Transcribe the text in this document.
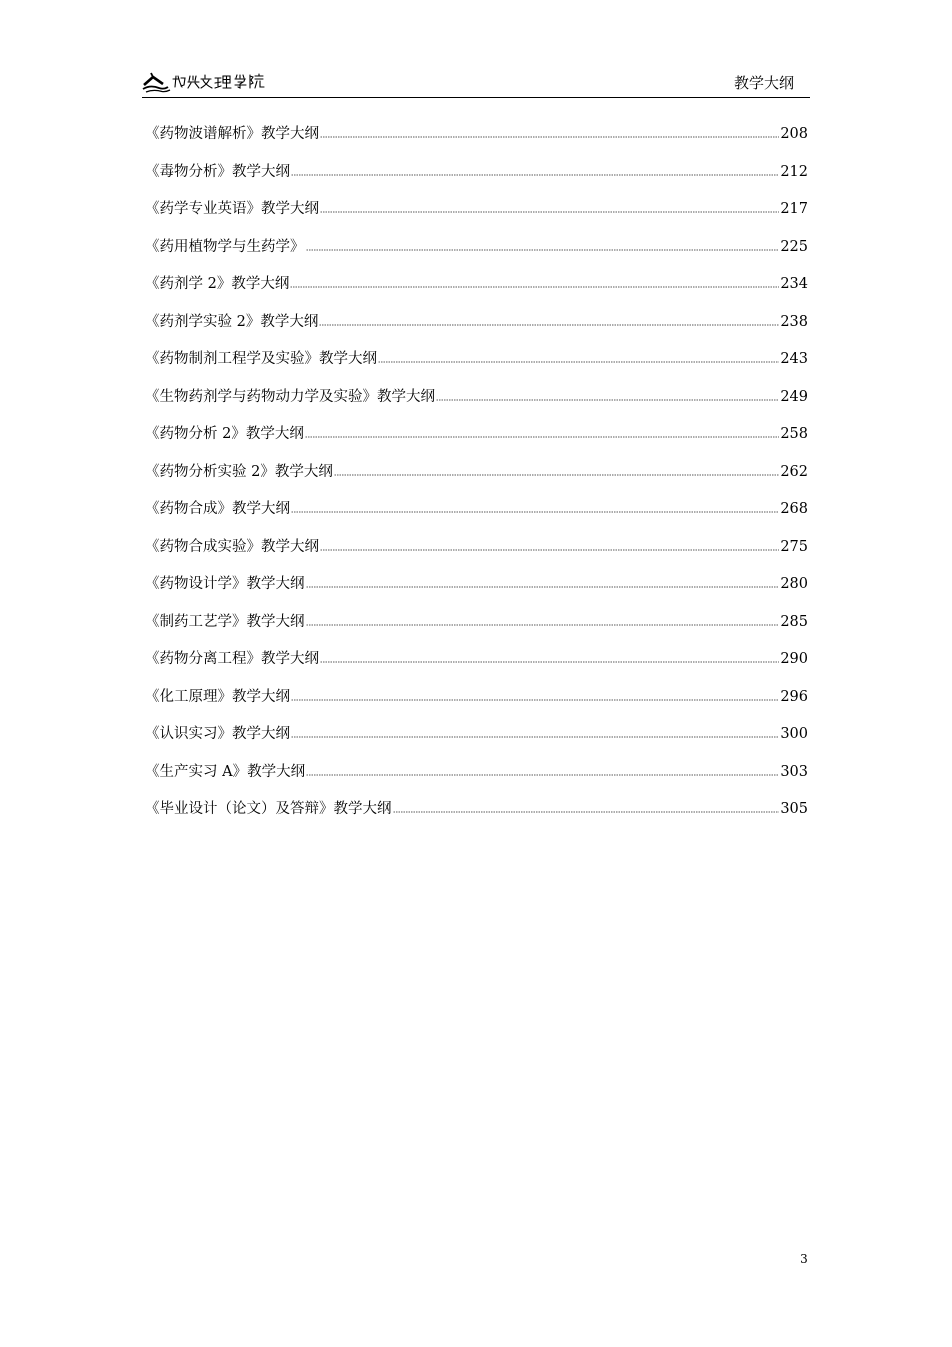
教学大纲
《药物波谱解析》教学大纲	208
《毒物分析》教学大纲	212
《药学专业英语》教学大纲	217
《药用植物学与生药学》	225
《药剂学 2》教学大纲	234
《药剂学实验 2》教学大纲	238
《药物制剂工程学及实验》教学大纲	243
《生物药剂学与药物动力学及实验》教学大纲	249
《药物分析 2》教学大纲	258
《药物分析实验 2》教学大纲	262
《药物合成》教学大纲	268
《药物合成实验》教学大纲	275
《药物设计学》教学大纲	280
《制药工艺学》教学大纲	285
《药物分离工程》教学大纲	290
《化工原理》教学大纲	296
《认识实习》教学大纲	300
《生产实习 A》教学大纲	303
《毕业设计（论文）及答辩》教学大纲	305
3
